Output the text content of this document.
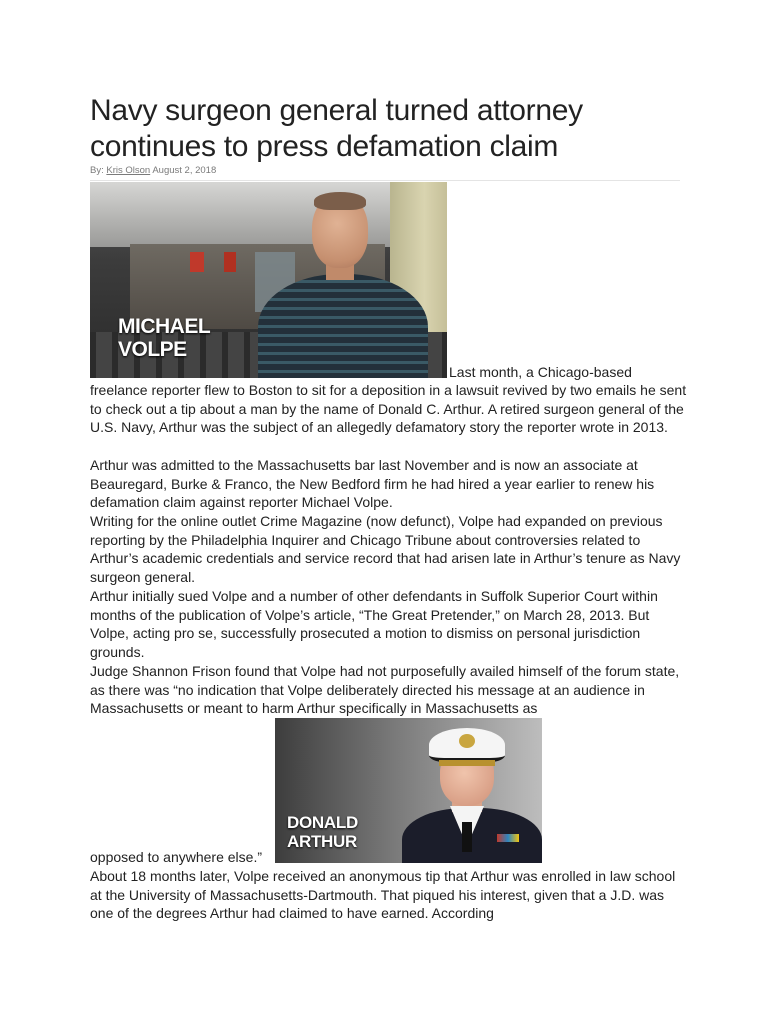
Navy surgeon general turned attorney continues to press defamation claim
By: Kris Olson August 2, 2018
MICHAEL
VOLPE

Last month, a Chicago-based

freelance reporter flew to Boston to sit for a deposition in a lawsuit revived by two emails he sent to check out a tip about a man by the name of Donald C. Arthur. A retired surgeon general of the U.S. Navy, Arthur was the subject of an allegedly defamatory story the reporter wrote in 2013.

Arthur was admitted to the Massachusetts bar last November and is now an associate at Beauregard, Burke & Franco, the New Bedford firm he had hired a year earlier to renew his defamation claim against reporter Michael Volpe.

Writing for the online outlet Crime Magazine (now defunct), Volpe had expanded on previous reporting by the Philadelphia Inquirer and Chicago Tribune about controversies related to Arthur’s academic credentials and service record that had arisen late in Arthur’s tenure as Navy surgeon general.

Arthur initially sued Volpe and a number of other defendants in Suffolk Superior Court within months of the publication of Volpe’s article, “The Great Pretender,” on March 28, 2013. But Volpe, acting pro se, successfully prosecuted a motion to dismiss on personal jurisdiction grounds.

Judge Shannon Frison found that Volpe had not purposefully availed himself of the forum state, as there was “no indication that Volpe deliberately directed his message at an audience in Massachusetts or meant to harm Arthur specifically in Massachusetts as

DONALD
ARTHUR

opposed to anywhere else.”

About 18 months later, Volpe received an anonymous tip that Arthur was enrolled in law school at the University of Massachusetts-Dartmouth. That piqued his interest, given that a J.D. was one of the degrees Arthur had claimed to have earned. According
